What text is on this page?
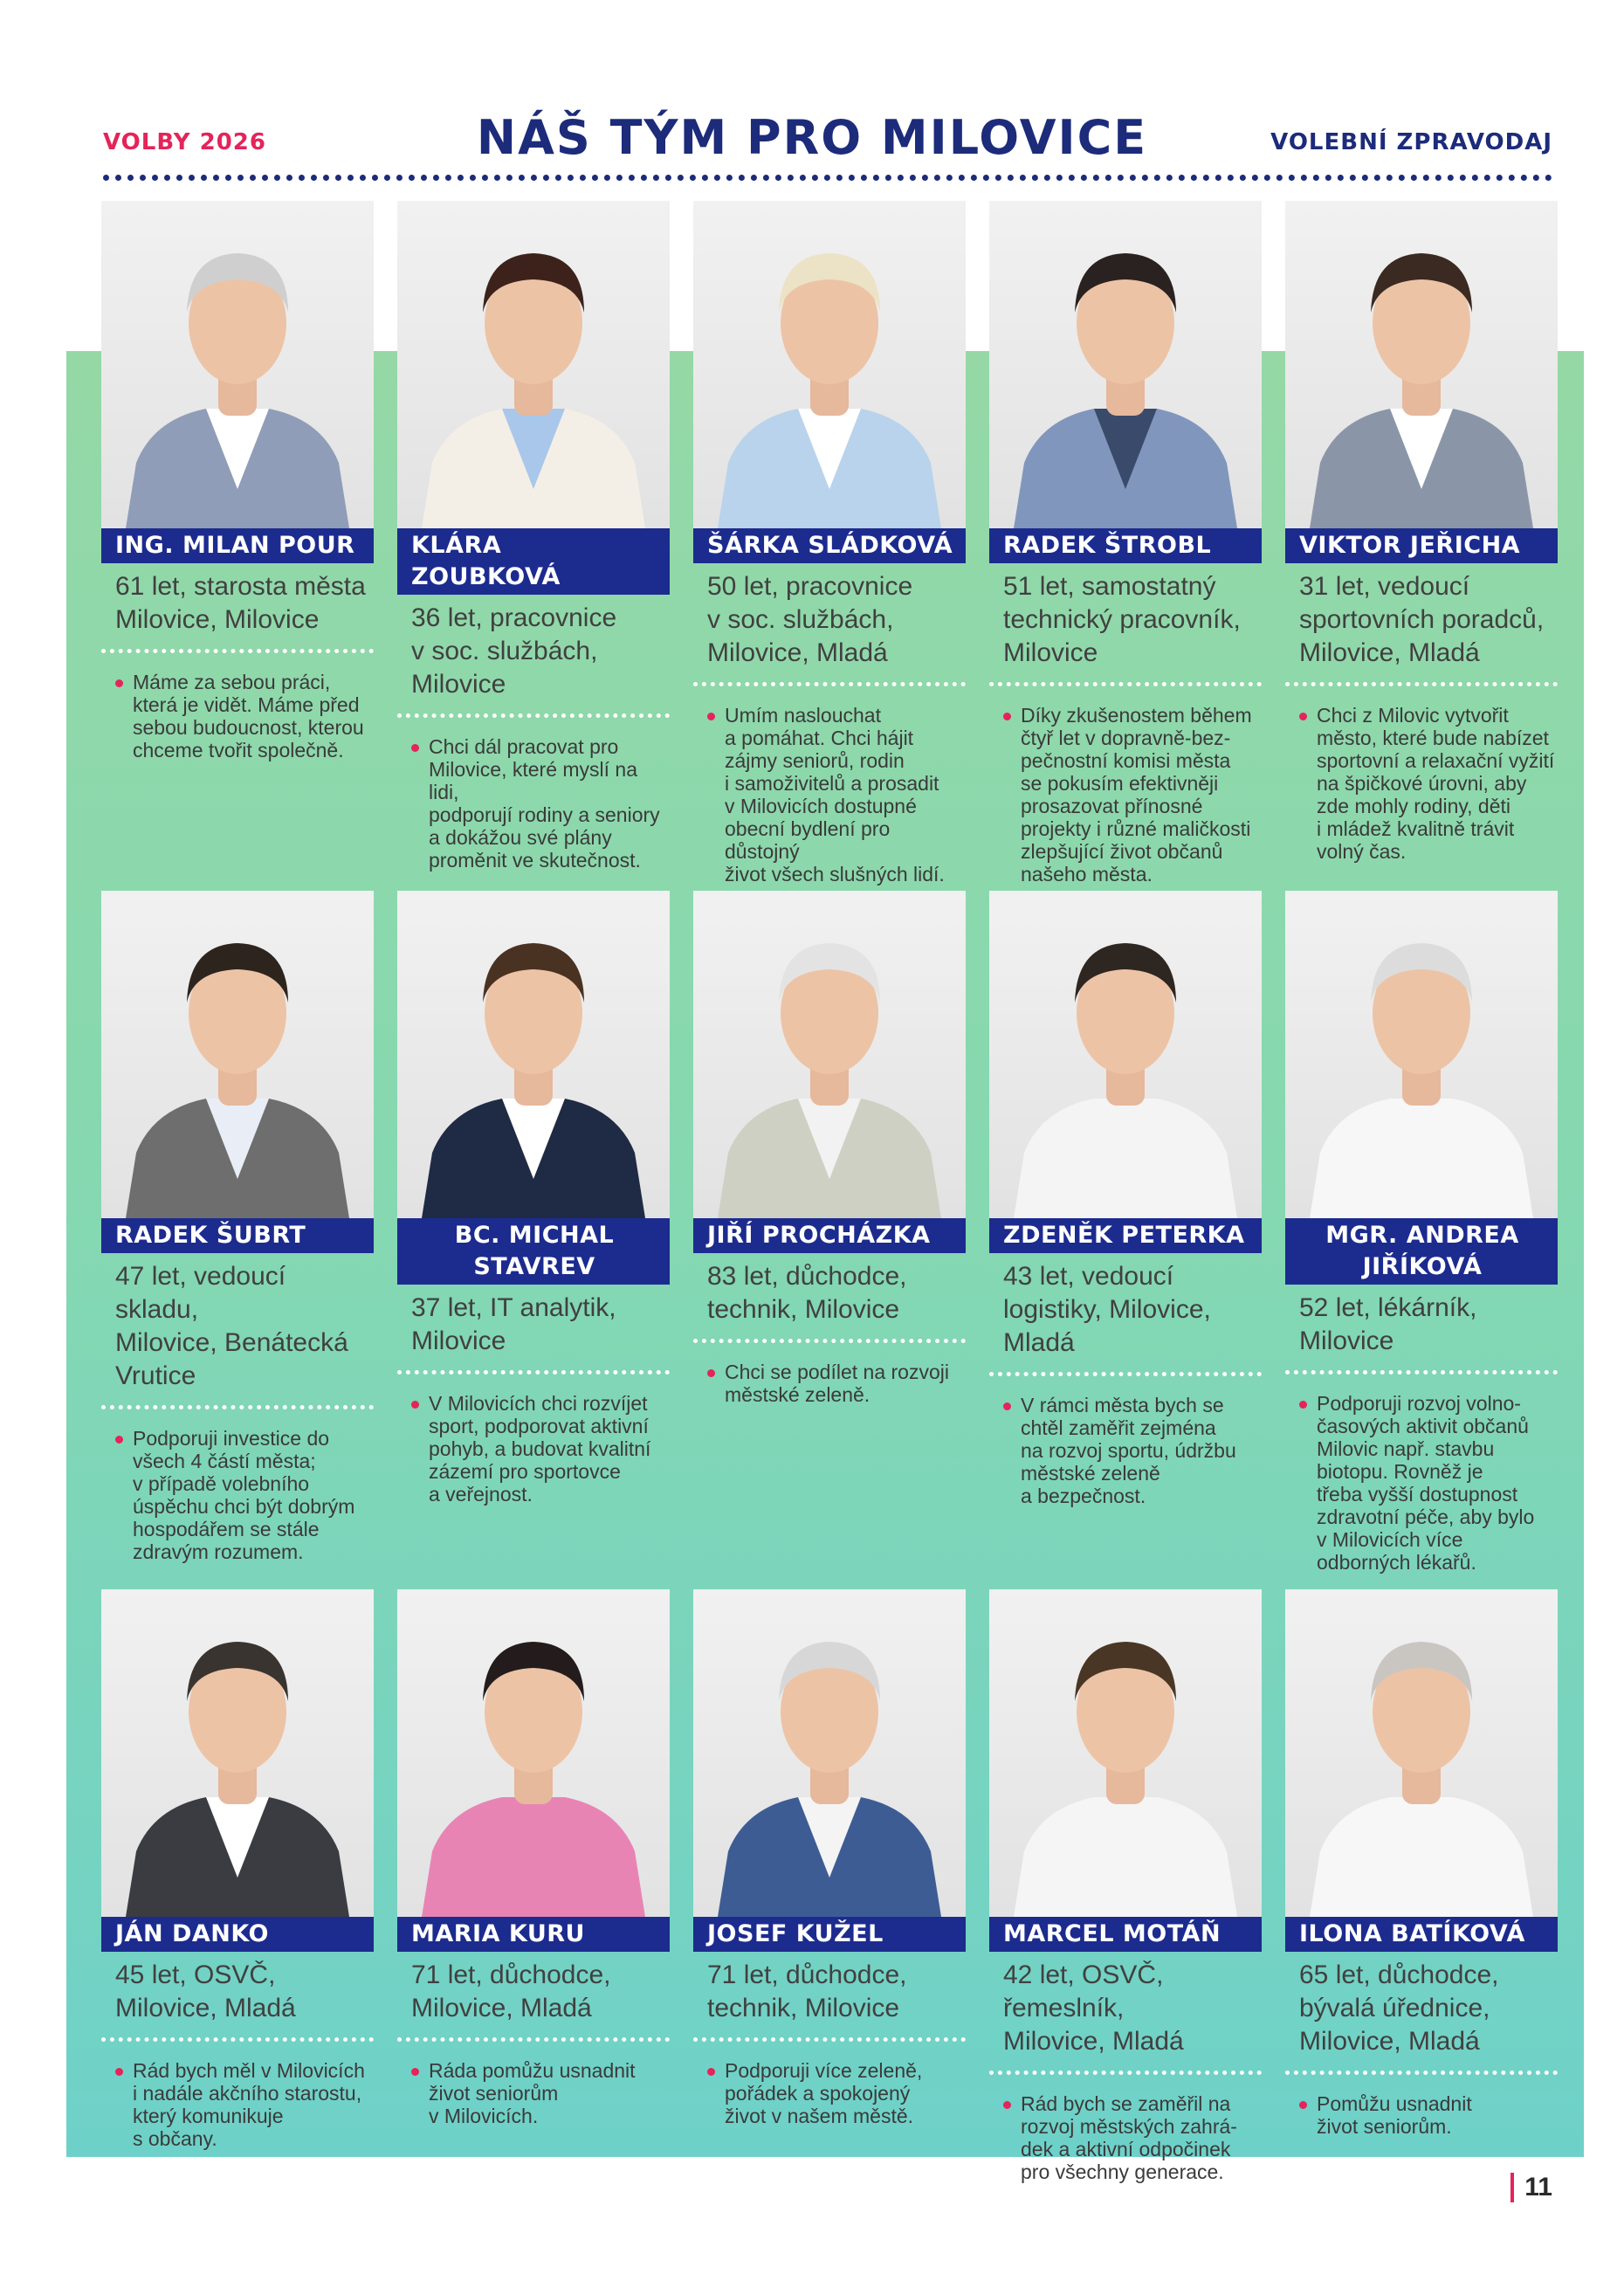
VOLBY 2026	NÁŠ TÝM PRO MILOVICE	VOLEBNÍ ZPRAVODAJ
ING. MILAN POUR
61 let, starosta města
Milovice, Milovice
Máme za sebou práci,
která je vidět. Máme před
sebou budoucnost, kterou
chceme tvořit společně.
KLÁRA ZOUBKOVÁ
36 let, pracovnice
v soc. službách,
Milovice
Chci dál pracovat pro
Milovice, které myslí na lidi,
podporují rodiny a seniory
a dokážou své plány
proměnit ve skutečnost.
ŠÁRKA SLÁDKOVÁ
50 let, pracovnice
v soc. službách,
Milovice, Mladá
Umím naslouchat
a pomáhat. Chci hájit
zájmy seniorů, rodin
i samoživitelů a prosadit
v Milovicích dostupné
obecní bydlení pro důstojný
život všech slušných lidí.
RADEK ŠTROBL
51 let, samostatný
technický pracovník,
Milovice
Díky zkušenostem během
čtyř let v dopravně-bez-
pečnostní komisi města
se pokusím efektivněji
prosazovat přínosné
projekty i různé maličkosti
zlepšující život občanů
našeho města.
VIKTOR JEŘICHA
31 let, vedoucí
sportovních poradců,
Milovice, Mladá
Chci z Milovic vytvořit
město, které bude nabízet
sportovní a relaxační vyžití
na špičkové úrovni, aby
zde mohly rodiny, děti
i mládež kvalitně trávit
volný čas.
RADEK ŠUBRT
47 let, vedoucí skladu,
Milovice, Benátecká
Vrutice
Podporuji investice do
všech 4 částí města;
v případě volebního
úspěchu chci být dobrým
hospodářem se stále
zdravým rozumem.
BC. MICHAL
STAVREV
37 let, IT analytik,
Milovice
V Milovicích chci rozvíjet
sport, podporovat aktivní
pohyb, a budovat kvalitní
zázemí pro sportovce
a veřejnost.
JIŘÍ PROCHÁZKA
83 let, důchodce,
technik, Milovice
Chci se podílet na rozvoji
městské zeleně.
ZDENĚK PETERKA
43 let, vedoucí
logistiky, Milovice,
Mladá
V rámci města bych se
chtěl zaměřit zejména
na rozvoj sportu, údržbu
městské zeleně
a bezpečnost.
MGR. ANDREA
JIŘÍKOVÁ
52 let, lékárník,
Milovice
Podporuji rozvoj volno-
časových aktivit občanů
Milovic např. stavbu
biotopu. Rovněž je
třeba vyšší dostupnost
zdravotní péče, aby bylo
v Milovicích více
odborných lékařů.
JÁN DANKO
45 let, OSVČ,
Milovice, Mladá
Rád bych měl v Milovicích
i nadále akčního starostu,
který komunikuje
s občany.
MARIA KURU
71 let, důchodce,
Milovice, Mladá
Ráda pomůžu usnadnit
život seniorům
v Milovicích.
JOSEF KUŽEL
71 let, důchodce,
technik, Milovice
Podporuji více zeleně,
pořádek a spokojený
život v našem městě.
MARCEL MOTÁŇ
42 let, OSVČ, řemeslník,
Milovice, Mladá
Rád bych se zaměřil na
rozvoj městských zahrá-
dek a aktivní odpočinek
pro všechny generace.
ILONA BATÍKOVÁ
65 let, důchodce,
bývalá úřednice,
Milovice, Mladá
Pomůžu usnadnit
život seniorům.
11
